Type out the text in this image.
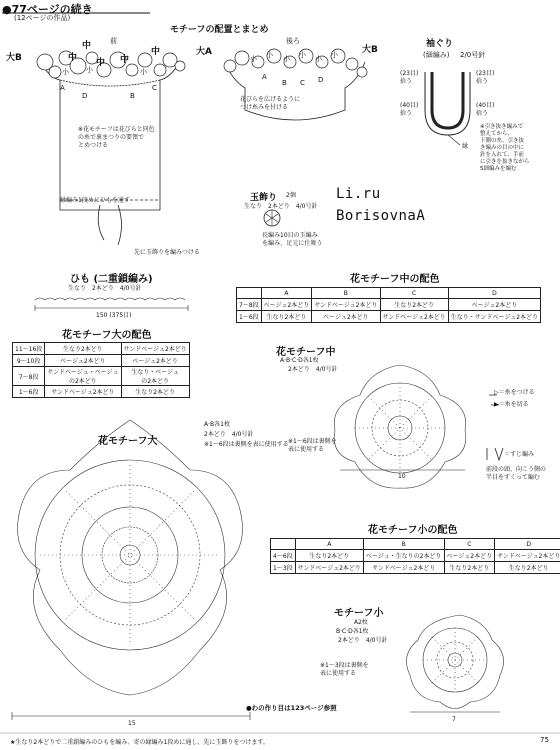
●77ページの続き
(12ページの作品)
モチーフの配置とまとめ
前	後ろ
大B
大A	大B
中
中
中
中
中
小 小	小
小 小 小 小 小 小
A
D	B
C
A
B C D
花びらを広げるように
つけ糸みを付ける
※花モチーフは花びらと同色
の糸で裏まつりの要領で
とめつける
縁編み1段めにひもを通す
先に玉飾りを編みつける
袖ぐり
(細編み) 2/0号針
(23目)
拾う
(23目)
拾う
(40目)
拾う
(40目)
拾う
縁
※引き抜き編みで
整えてから、
下側の糸、引き抜
き編みの目の中に
針を入れて、手前
に引きを抜きながら
5細編みを編む
玉飾り 2個
生なり　2本どり　4/0号針
長編み10目の玉編み
を編み、足元に仕舞う
Li.ru
BorisovnaA
ひも (二重鎖編み)
生なり　2本どり　4/0号針
150 (375目)
花モチーフ大の配色
11〜16段	生なり2本どり	サンドベージュ2本どり
9〜10段	ベージュ2本どり	ベージュ2本どり
7〜8段	サンドベージュ・ベージュ
の2本どり	生なり・ベージュ
の2本どり
1〜6段	サンドベージュ2本どり	生なり2本どり
花モチーフ中の配色
	A	B	C	D
7〜8段	ベージュ2本どり	サンドベージュ2本どり	生なり2本どり	ベージュ2本どり
1〜6段	生なり2本どり	ベージュ2本どり	サンドベージュ2本どり	生なり・サンドベージュ2本どり
花モチーフ大
A·B各1枚
2本どり　4/0号針
※1〜6段は裏側を表に使用する
15
花モチーフ中
A·B·C·D各1枚
2本どり　4/0号針
※1〜6段は裏側を
表に使用する
10
▷＝糸をつける
▶＝糸を切る
＝すじ編み
前段の頭、向こう側の
半目をすくって編む
花モチーフ小の配色
	A	B	C	D
4〜6段	生なり2本どり	ベージュ・生なりの2本どり	ベージュ2本どり	サンドベージュ2本どり
1〜3段	サンドベージュ2本どり	サンドベージュ2本どり	生なり2本どり	生なり2本どり
モチーフ小
A2枚
B·C·D各1枚
2本どり　4/0号針
※1〜3段は裏側を
表に使用する
7
●わの作り目は123ページ参照
★生なり2本どりで二重鎖編みのひもを編み、寄の縁編み1段めに通し、先に玉飾りをつけます。	75
